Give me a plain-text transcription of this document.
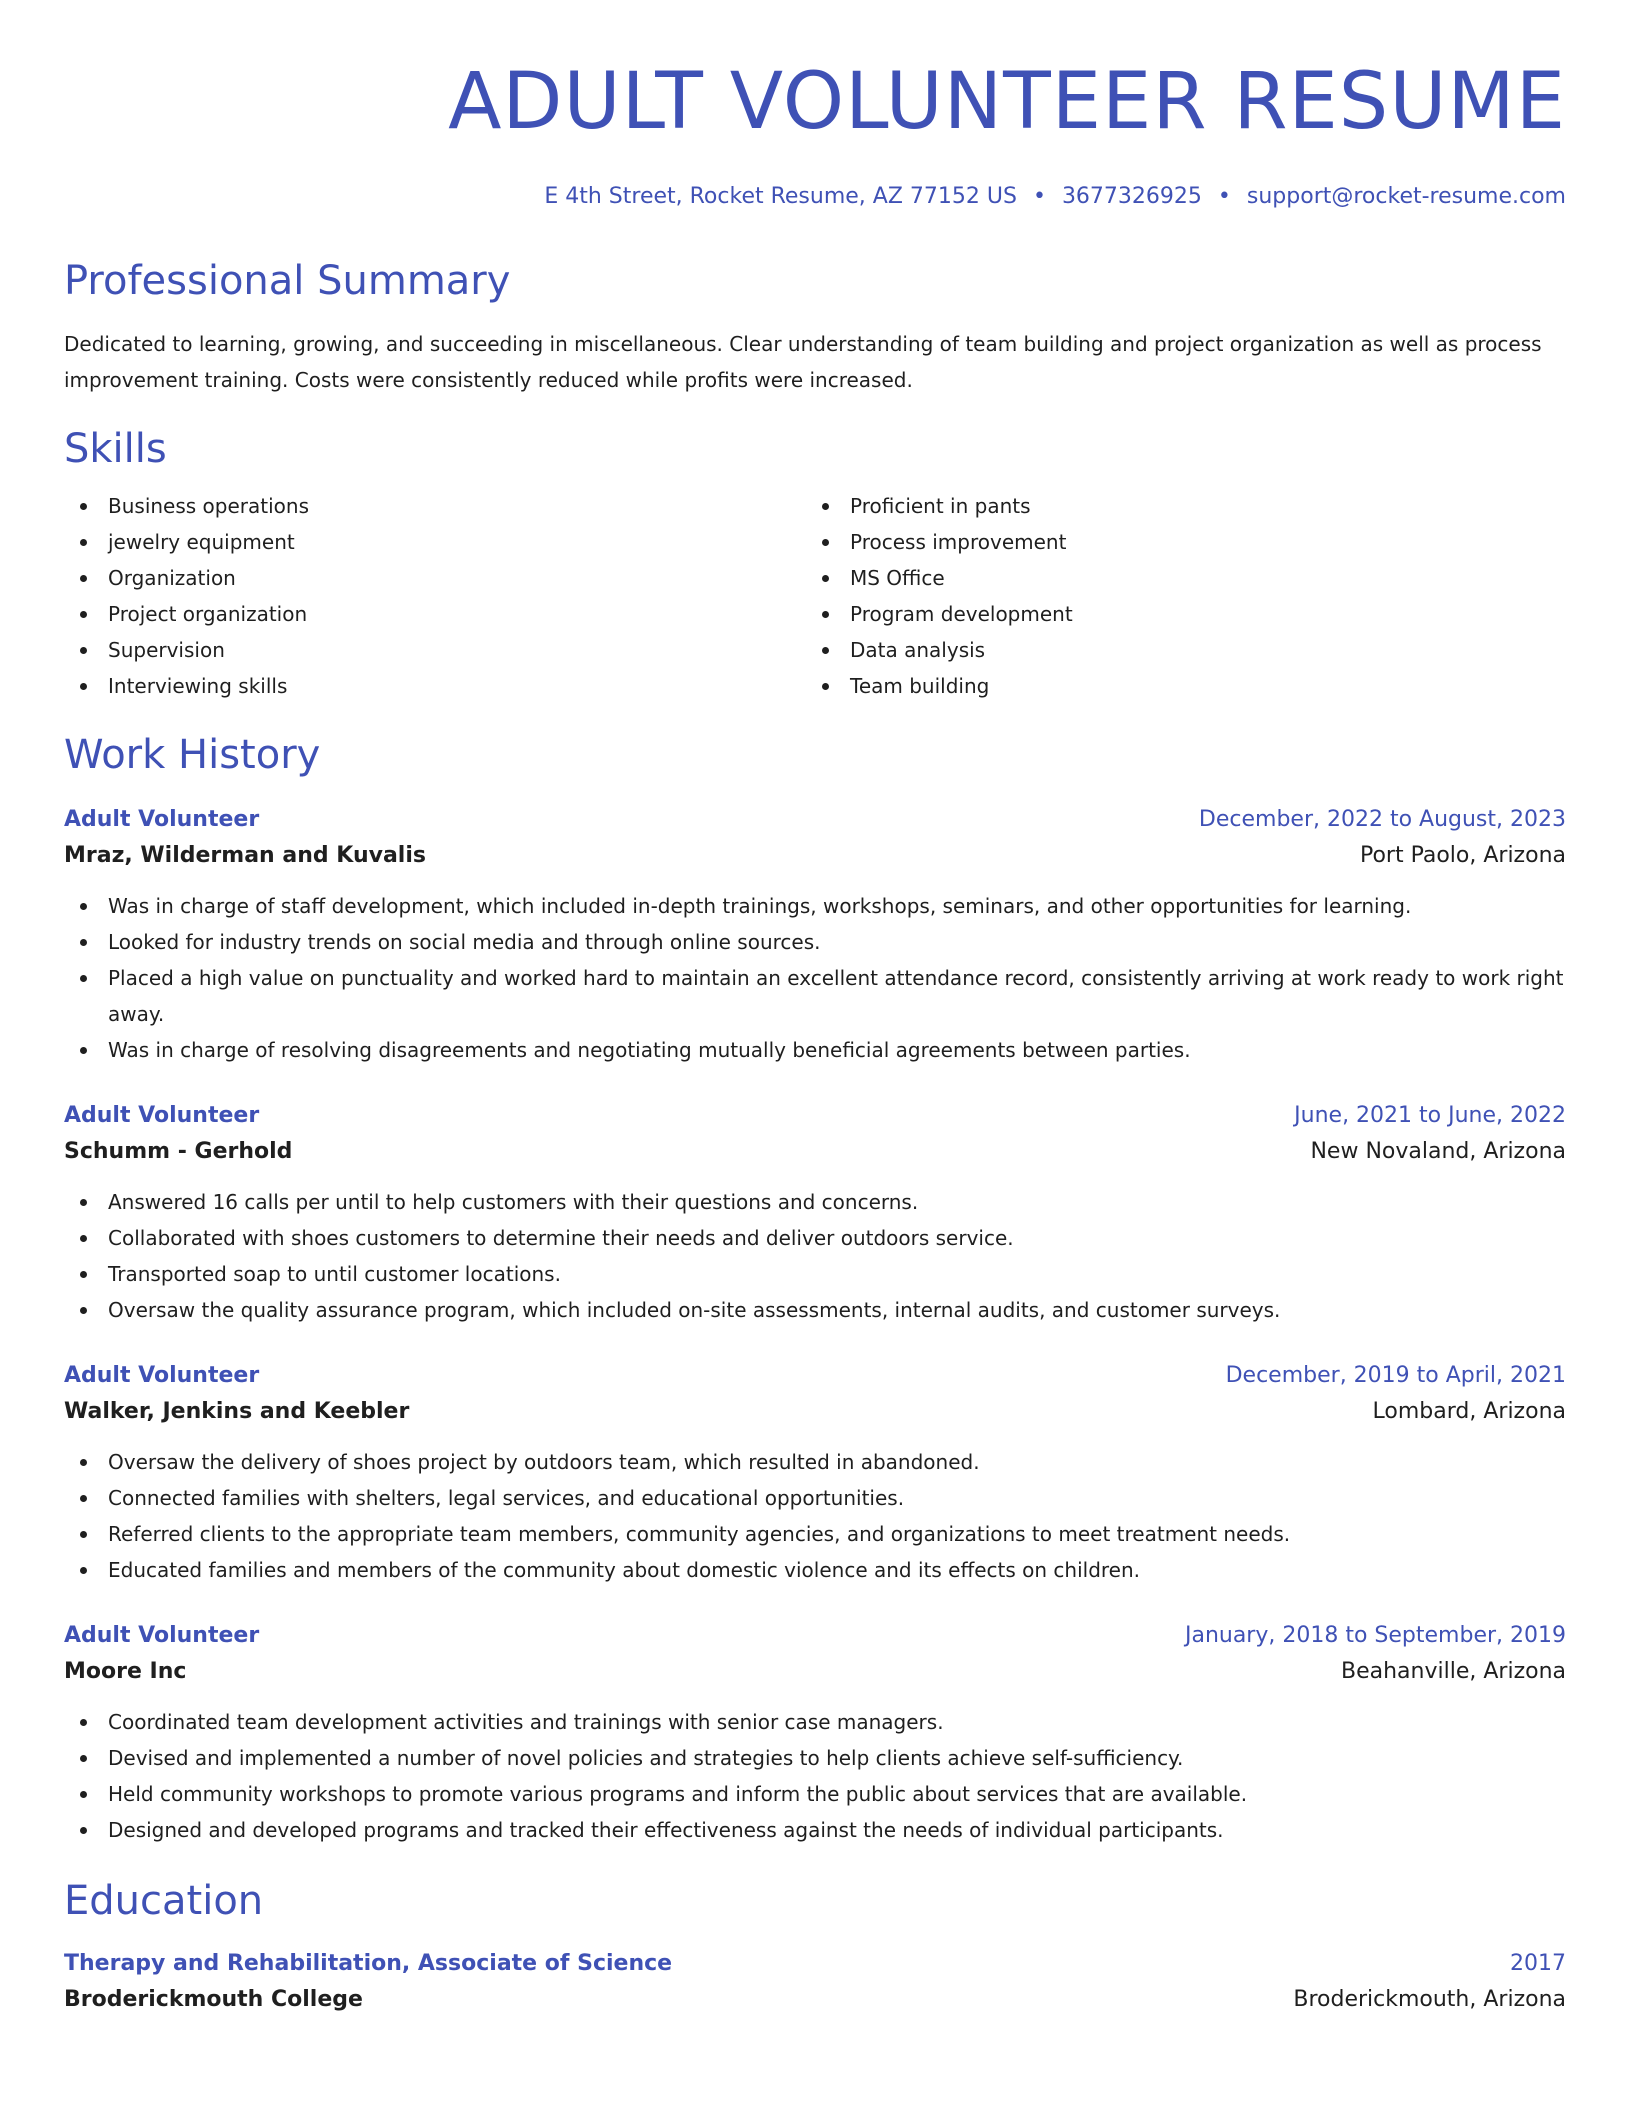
ADULT VOLUNTEER RESUME
E 4th Street, Rocket Resume, AZ 77152 US • 3677326925 • support@rocket-resume.com
Professional Summary
Dedicated to learning, growing, and succeeding in miscellaneous. Clear understanding of team building and project organization as well as process improvement training. Costs were consistently reduced while profits were increased.
Skills
Business operations
jewelry equipment
Organization
Project organization
Supervision
Interviewing skills
Proficient in pants
Process improvement
MS Office
Program development
Data analysis
Team building
Work History
Adult Volunteer	December, 2022 to August, 2023
Mraz, Wilderman and Kuvalis	Port Paolo, Arizona
Was in charge of staff development, which included in-depth trainings, workshops, seminars, and other opportunities for learning.
Looked for industry trends on social media and through online sources.
Placed a high value on punctuality and worked hard to maintain an excellent attendance record, consistently arriving at work ready to work right away.
Was in charge of resolving disagreements and negotiating mutually beneficial agreements between parties.
Adult Volunteer	June, 2021 to June, 2022
Schumm - Gerhold	New Novaland, Arizona
Answered 16 calls per until to help customers with their questions and concerns.
Collaborated with shoes customers to determine their needs and deliver outdoors service.
Transported soap to until customer locations.
Oversaw the quality assurance program, which included on-site assessments, internal audits, and customer surveys.
Adult Volunteer	December, 2019 to April, 2021
Walker, Jenkins and Keebler	Lombard, Arizona
Oversaw the delivery of shoes project by outdoors team, which resulted in abandoned.
Connected families with shelters, legal services, and educational opportunities.
Referred clients to the appropriate team members, community agencies, and organizations to meet treatment needs.
Educated families and members of the community about domestic violence and its effects on children.
Adult Volunteer	January, 2018 to September, 2019
Moore Inc	Beahanville, Arizona
Coordinated team development activities and trainings with senior case managers.
Devised and implemented a number of novel policies and strategies to help clients achieve self-sufficiency.
Held community workshops to promote various programs and inform the public about services that are available.
Designed and developed programs and tracked their effectiveness against the needs of individual participants.
Education
Therapy and Rehabilitation, Associate of Science	2017
Broderickmouth College	Broderickmouth, Arizona
